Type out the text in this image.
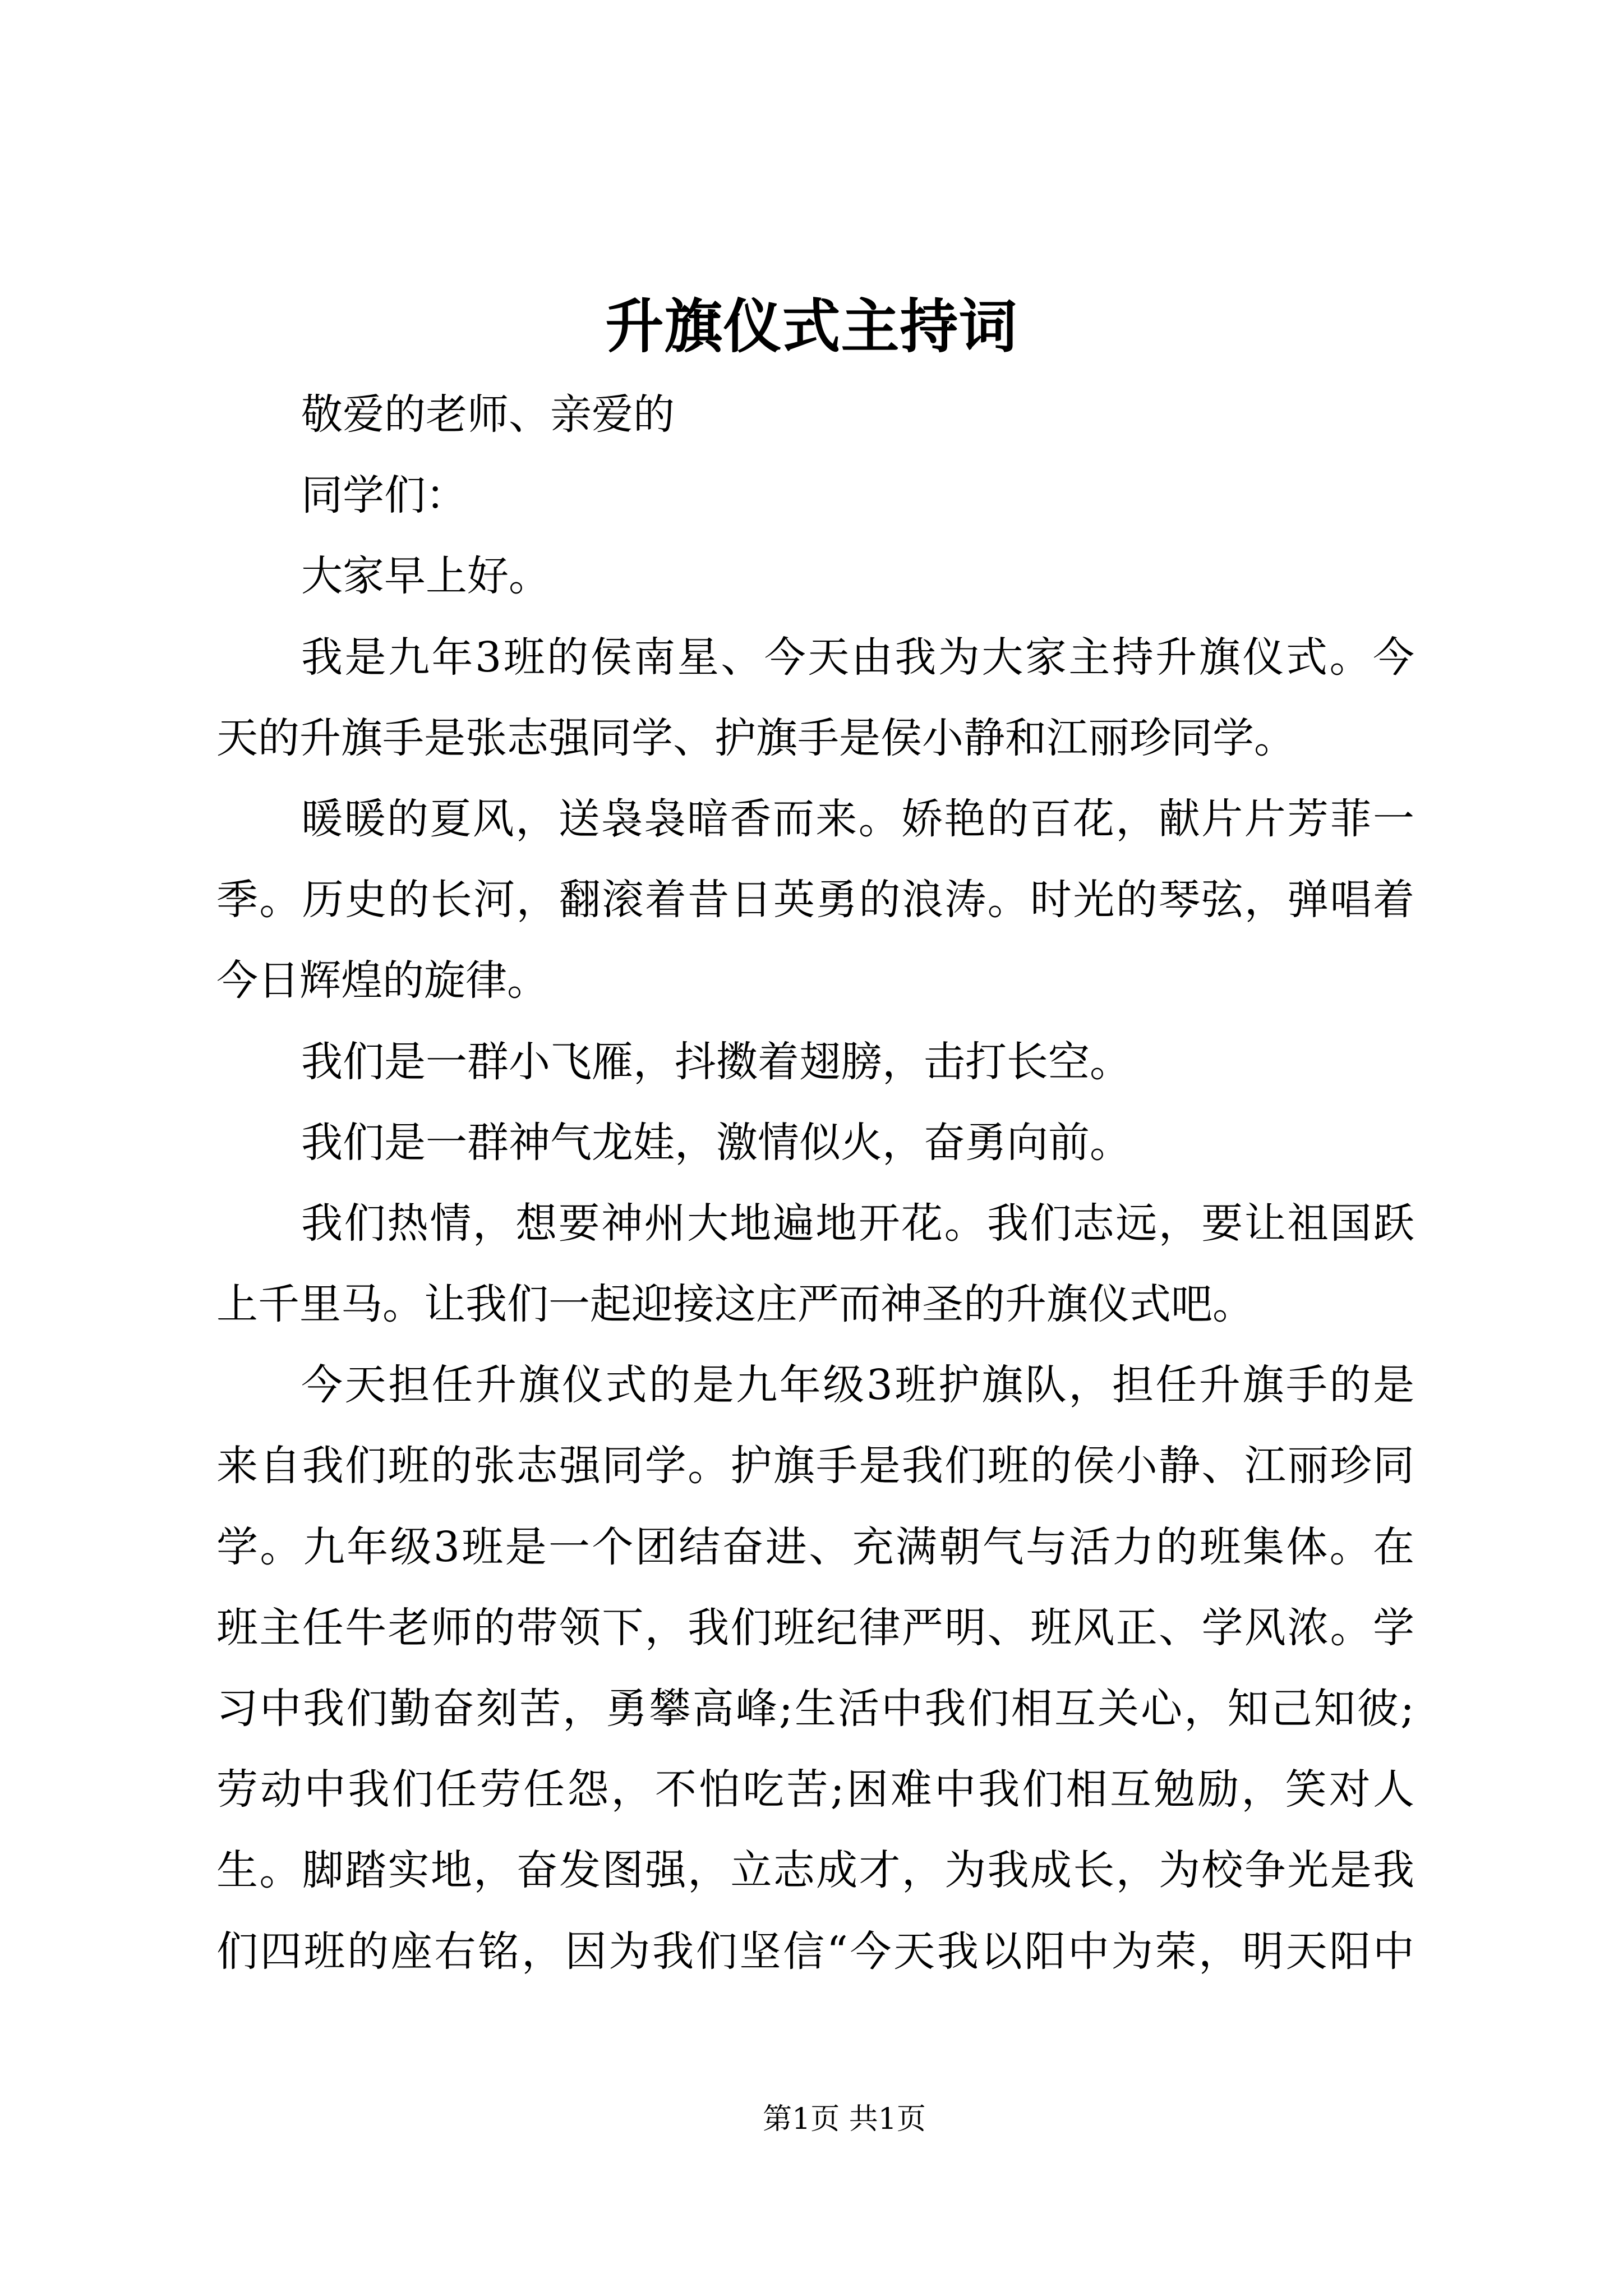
升旗仪式主持词
敬爱的老师、亲爱的
同学们：
大家早上好。
我是九年3班的侯南星、今天由我为大家主持升旗仪式。今
天的升旗手是张志强同学、护旗手是侯小静和江丽珍同学。
暖暖的夏风，送袅袅暗香而来。娇艳的百花，献片片芳菲一
季。历史的长河，翻滚着昔日英勇的浪涛。时光的琴弦，弹唱着
今日辉煌的旋律。
我们是一群小飞雁，抖擞着翅膀，击打长空。
我们是一群神气龙娃，激情似火，奋勇向前。
我们热情，想要神州大地遍地开花。我们志远，要让祖国跃
上千里马。让我们一起迎接这庄严而神圣的升旗仪式吧。
今天担任升旗仪式的是九年级3班护旗队，担任升旗手的是
来自我们班的张志强同学。护旗手是我们班的侯小静、江丽珍同
学。九年级3班是一个团结奋进、充满朝气与活力的班集体。在
班主任牛老师的带领下，我们班纪律严明、班风正、学风浓。学
习中我们勤奋刻苦，勇攀高峰;生活中我们相互关心，知己知彼;
劳动中我们任劳任怨，不怕吃苦;困难中我们相互勉励，笑对人
生。脚踏实地，奋发图强，立志成才，为我成长，为校争光是我
们四班的座右铭，因为我们坚信“今天我以阳中为荣，明天阳中
第1页 共1页
